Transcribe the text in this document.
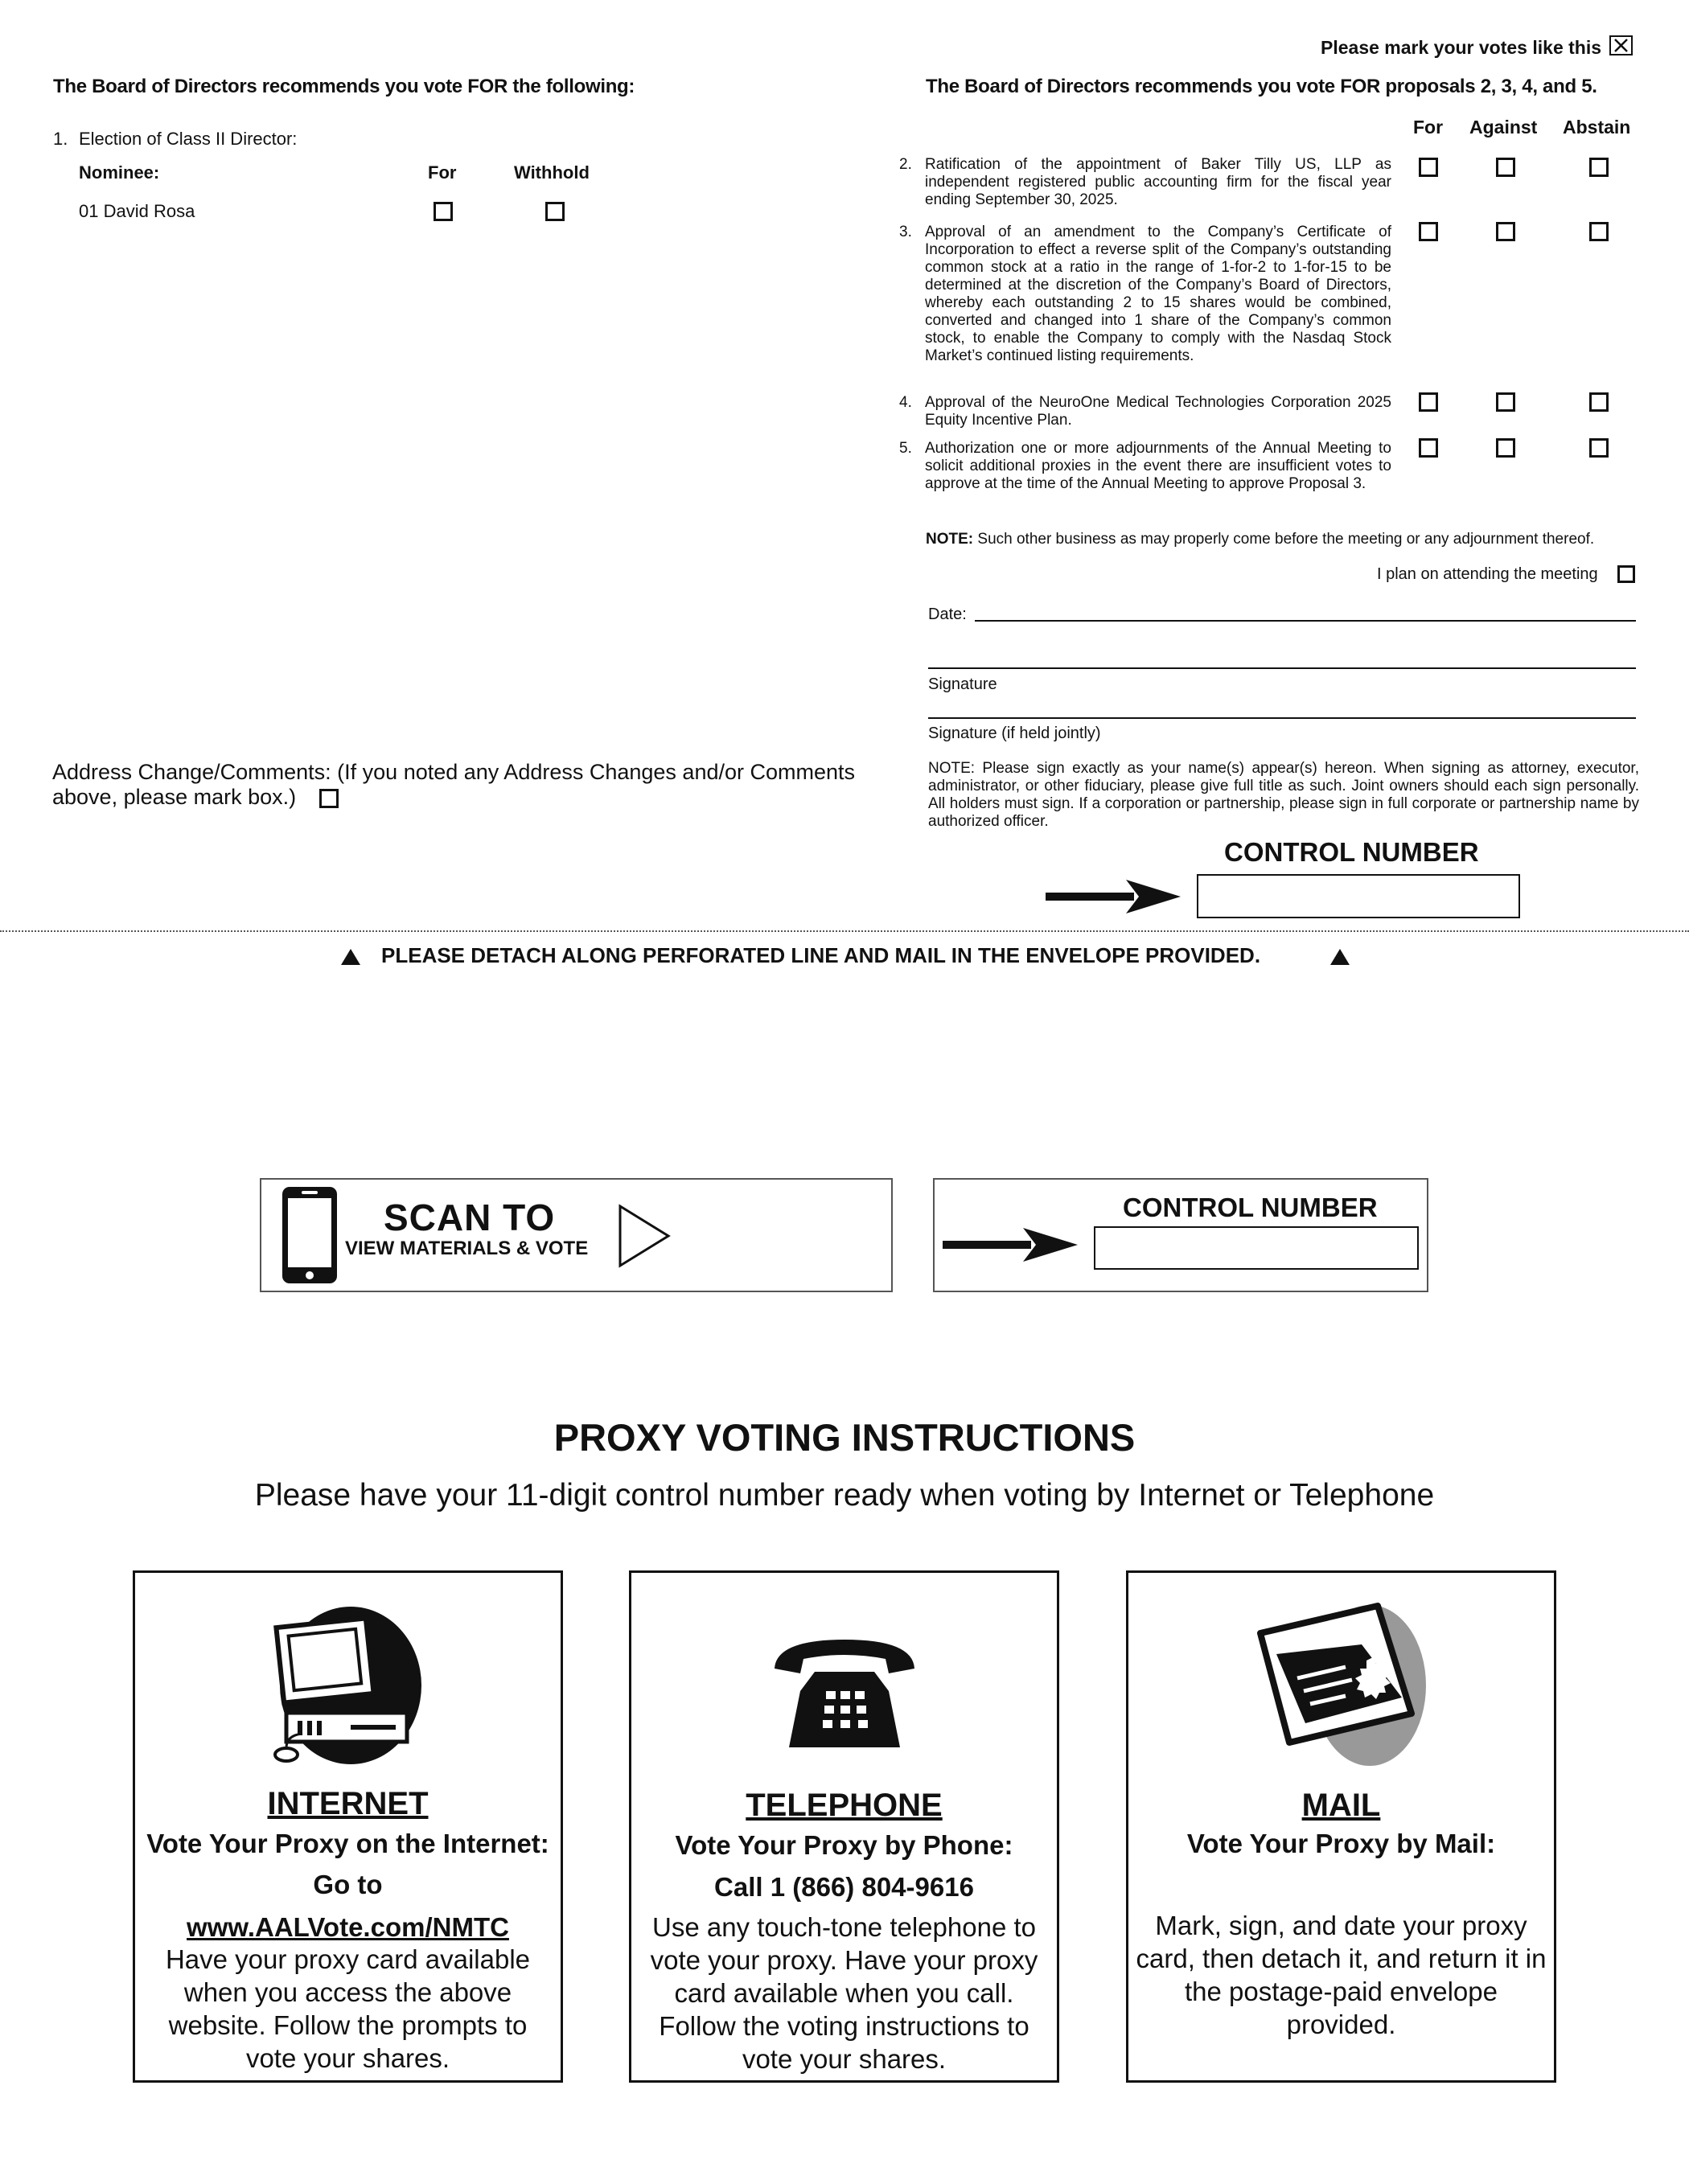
Please mark your votes like this
The Board of Directors recommends you vote FOR the following:
1. Election of Class II Director:
Nominee:	For	Withhold
01 David Rosa
Address Change/Comments: (If you noted any Address Changes and/or Comments above, please mark box.)
The Board of Directors recommends you vote FOR proposals 2, 3, 4, and 5.
For Against Abstain
2. Ratification of the appointment of Baker Tilly US, LLP as independent registered public accounting firm for the fiscal year ending September 30, 2025.
3. Approval of an amendment to the Company’s Certificate of Incorporation to effect a reverse split of the Company’s outstanding common stock at a ratio in the range of 1-for-2 to 1-for-15 to be determined at the discretion of the Company’s Board of Directors, whereby each outstanding 2 to 15 shares would be combined, converted and changed into 1 share of the Company’s common stock, to enable the Company to comply with the Nasdaq Stock Market’s continued listing requirements.
4. Approval of the NeuroOne Medical Technologies Corporation 2025 Equity Incentive Plan.
5. Authorization one or more adjournments of the Annual Meeting to solicit additional proxies in the event there are insufficient votes to approve at the time of the Annual Meeting to approve Proposal 3.
NOTE: Such other business as may properly come before the meeting or any adjournment thereof.
I plan on attending the meeting
Date:
Signature
Signature (if held jointly)
NOTE: Please sign exactly as your name(s) appear(s) hereon. When signing as attorney, executor, administrator, or other fiduciary, please give full title as such. Joint owners should each sign personally. All holders must sign. If a corporation or partnership, please sign in full corporate or partnership name by authorized officer.
CONTROL NUMBER
PLEASE DETACH ALONG PERFORATED LINE AND MAIL IN THE ENVELOPE PROVIDED.
SCAN TO
VIEW MATERIALS & VOTE
CONTROL NUMBER
PROXY VOTING INSTRUCTIONS
Please have your 11-digit control number ready when voting by Internet or Telephone
INTERNET
Vote Your Proxy on the Internet:
Go to
www.AALVote.com/NMTC
Have your proxy card available when you access the above website. Follow the prompts to vote your shares.
TELEPHONE
Vote Your Proxy by Phone:
Call 1 (866) 804-9616
Use any touch-tone telephone to vote your proxy. Have your proxy card available when you call. Follow the voting instructions to vote your shares.
MAIL
Vote Your Proxy by Mail:
Mark, sign, and date your proxy card, then detach it, and return it in the postage-paid envelope provided.
